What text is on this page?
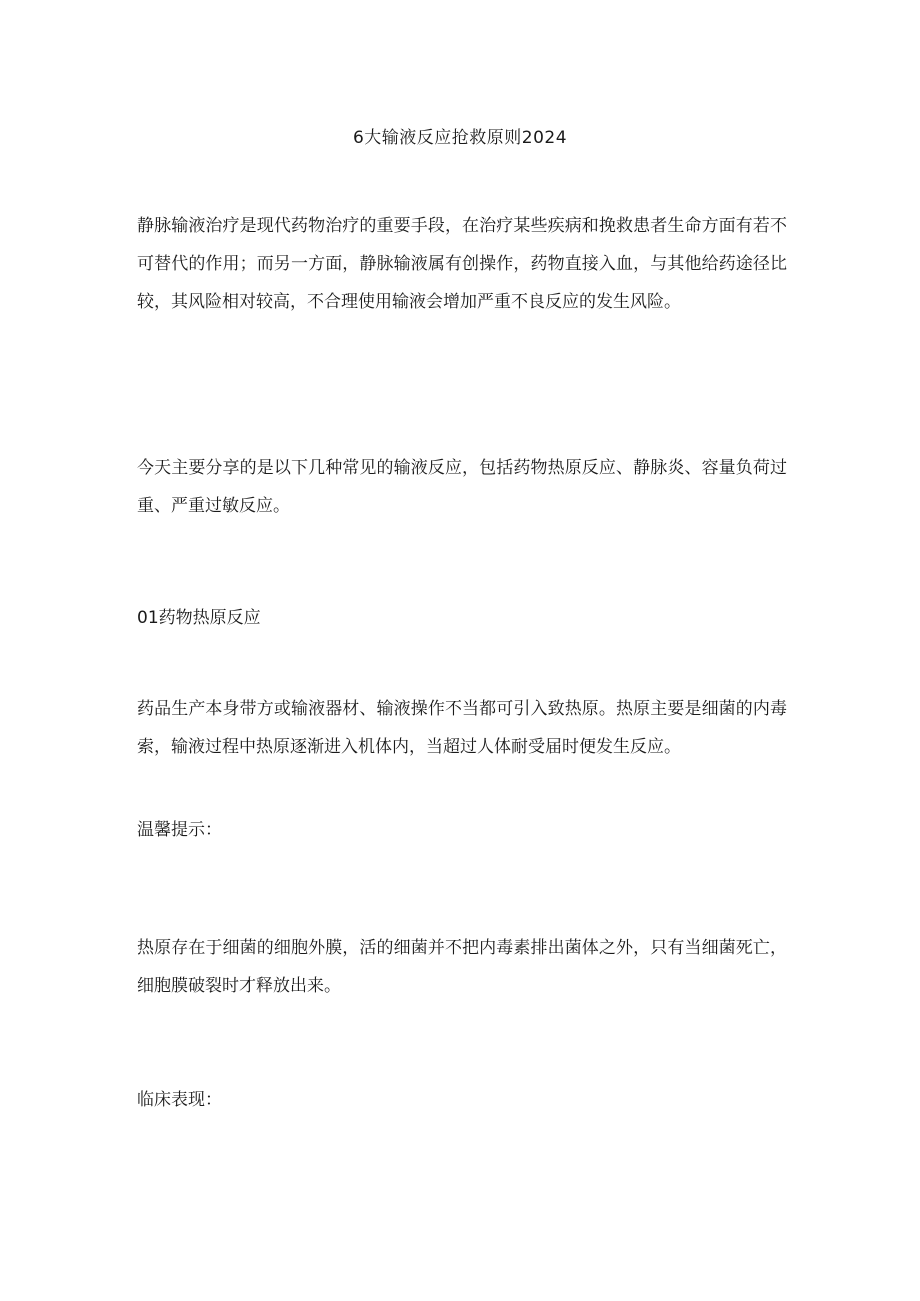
6大输液反应抢救原则2024

静脉输液治疗是现代药物治疗的重要手段，在治疗某些疾病和挽救患者生命方面有若不可替代的作用；而另一方面，静脉输液属有创操作，药物直接入血，与其他给药途径比较，其风险相对较高，不合理使用输液会增加严重不良反应的发生风险。

今天主要分享的是以下几种常见的输液反应，包括药物热原反应、静脉炎、容量负荷过重、严重过敏反应。

01药物热原反应

药品生产本身带方或输液器材、输液操作不当都可引入致热原。热原主要是细菌的内毒索，输液过程中热原逐渐进入机体内，当超过人体耐受届时便发生反应。

温馨提示：

热原存在于细菌的细胞外膜，活的细菌并不把内毒素排出菌体之外，只有当细菌死亡，细胞膜破裂时才释放出来。

临床表现：
